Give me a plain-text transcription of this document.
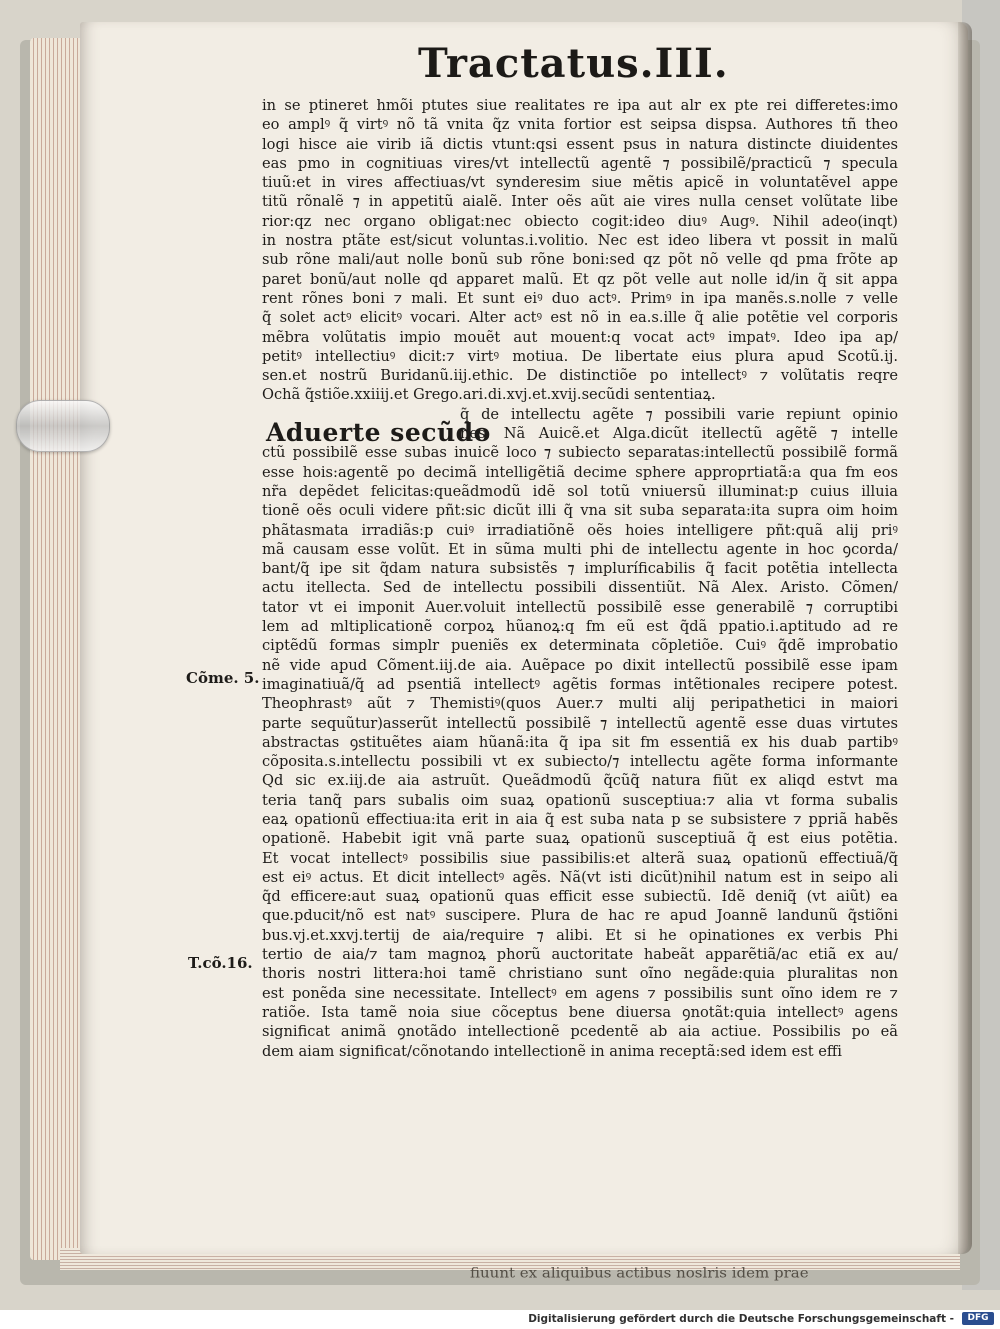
Tractatus.III.
Aduerte secũdo
Cõme. 5.
T.cõ.16.
in se ptineret hmõi ptutes siue realitates re ipa aut alr ex pte rei differetes:imo
eo amplꝰ q̃ virtꝰ nõ tã vnita q̃z vnita fortior est seipsa dispsa. Authores tñ theo
logi hisce aie virib iã dictis vtunt:qsi essent psus in natura distincte diuidentes
eas pmo in cognitiuas vires/vt intellectũ agentẽ ⁊ possibilẽ/practicũ ⁊ specula
tiuũ:et in vires affectiuas/vt synderesim siue mẽtis apicẽ in voluntatẽvel appe
titũ rõnalẽ ⁊ in appetitũ aialẽ. Inter oẽs aũt aie vires nulla censet volũtate libe
rior:qz nec organo obligat:nec obiecto cogit:ideo diuꝰ Augꝰ. Nihil adeo(inqt)
in nostra ptãte est/sicut voluntas.i.volitio. Nec est ideo libera vt possit in malũ
sub rõne mali/aut nolle bonũ sub rõne boni:sed qz põt nõ velle qd pma frõte ap
paret bonũ/aut nolle qd apparet malũ. Et qz põt velle aut nolle id/in q̃ sit appa
rent rõnes boni ⁊ mali. Et sunt eiꝰ duo actꝰ. Primꝰ in ipa manẽs.s.nolle ⁊ velle
q̃ solet actꝰ elicitꝰ vocari. Alter actꝰ est nõ in ea.s.ille q̃ alie potẽtie vel corporis
mẽbra volũtatis impio mouẽt aut mouent:q vocat actꝰ impatꝰ. Ideo ipa ap/
petitꝰ intellectiuꝰ dicit:⁊ virtꝰ motiua. De libertate eius plura apud Scotũ.ij.
sen.et nostrũ Buridanũ.iij.ethic. De distinctiõe po intellectꝰ ⁊ volũtatis reqre
Ochã q̃stiõe.xxiiij.et Grego.ari.di.xvj.et.xvij.secũdi sententiaꝝ.
q̃ de intellectu agẽte ⁊ possibili varie repiunt opinio
nes. Nã Auicẽ.et Alga.dicũt itellectũ agẽtẽ ⁊ intelle
ctũ possibilẽ esse subas inuicẽ loco ⁊ subiecto separatas:intellectũ possibilẽ formã
esse hois:agentẽ po decimã intelligẽtiã decime sphere approprtiatã:a qua fm eos
nr̃a depẽdet felicitas:queãdmodũ idẽ sol totũ vniuersũ illuminat:p cuius illuia
tionẽ oẽs oculi videre pñt:sic dicũt illi q̃ vna sit suba separata:ita supra oim hoim
phãtasmata irradiãs:p cuiꝰ irradiatiõnẽ oẽs hoies intelligere pñt:quã alij priꝰ
mã causam esse volũt. Et in sũma multi phi de intellectu agente in hoc ꝯcorda/
bant/q̃ ipe sit q̃dam natura subsistẽs ⁊ impluríficabilis q̃ facit potẽtia intellecta
actu itellecta. Sed de intellectu possibili dissentiũt. Nã Alex. Aristo. Cõmen/
tator vt ei imponit Auer.voluit intellectũ possibilẽ esse generabilẽ ⁊ corruptibi
lem ad mltiplicationẽ corpoꝝ hũanoꝝ:q fm eũ est q̃dã ppatio.i.aptitudo ad re
ciptẽdũ formas simplr pueniẽs ex determinata cõpletiõe. Cuiꝰ q̃dẽ improbatio
nẽ vide apud Cõment.iij.de aia. Auẽpace po dixit intellectũ possibilẽ esse ipam
imaginatiuã/q̃ ad psentiã intellectꝰ agẽtis formas intẽtionales recipere potest.
Theophrastꝰ aũt ⁊ Themistiꝰ(quos Auer.⁊ multi alij peripathetici in maiori
parte sequũtur)asserũt intellectũ possibilẽ ⁊ intellectũ agentẽ esse duas virtutes
abstractas ꝯstituẽtes aiam hũanã:ita q̃ ipa sit fm essentiã ex his duab partibꝰ
cõposita.s.intellectu possibili vt ex subiecto/⁊ intellectu agẽte forma informante
Qd sic ex.iij.de aia astruũt. Queãdmodũ q̃cũq̃ natura fiũt ex aliqd estvt ma
teria tanq̃ pars subalis oim suaꝝ opationũ susceptiua:⁊ alia vt forma subalis
eaꝝ opationũ effectiua:ita erit in aia q̃ est suba nata p se subsistere ⁊ ppriã habẽs
opationẽ. Habebit igit vnã parte suaꝝ opationũ susceptiuã q̃ est eius potẽtia.
Et vocat intellectꝰ possibilis siue passibilis:et alterã suaꝝ opationũ effectiuã/q̃
est eiꝰ actus. Et dicit intellectꝰ agẽs. Nã(vt isti dicũt)nihil natum est in seipo ali
q̃d efficere:aut suaꝝ opationũ quas efficit esse subiectũ. Idẽ deniq̃ (vt aiũt) ea
que.pducit/nõ est natꝰ suscipere. Plura de hac re apud Joannẽ landunũ q̃stiõni
bus.vj.et.xxvj.tertij de aia/require ⁊ alibi. Et si he opinationes ex verbis Phi
tertio de aia/⁊ tam magnoꝝ phorũ auctoritate habeãt apparẽtiã/ac etiã ex au/
thoris nostri littera:hoi tamẽ christiano sunt oĩno negãde:quia pluralitas non
est ponẽda sine necessitate. Intellectꝰ em agens ⁊ possibilis sunt oĩno idem re ⁊
ratiõe. Ista tamẽ noia siue cõceptus bene diuersa ꝯnotãt:quia intellectꝰ agens
significat animã ꝯnotãdo intellectionẽ pcedentẽ ab aia actiue. Possibilis po eã
dem aiam significat/cõnotando intellectionẽ in anima receptã:sed idem est effi
fiuunt ex aliquibus actibus noslris idem prae
Digitalisierung gefördert durch die Deutsche Forschungsgemeinschaft -	DFG
